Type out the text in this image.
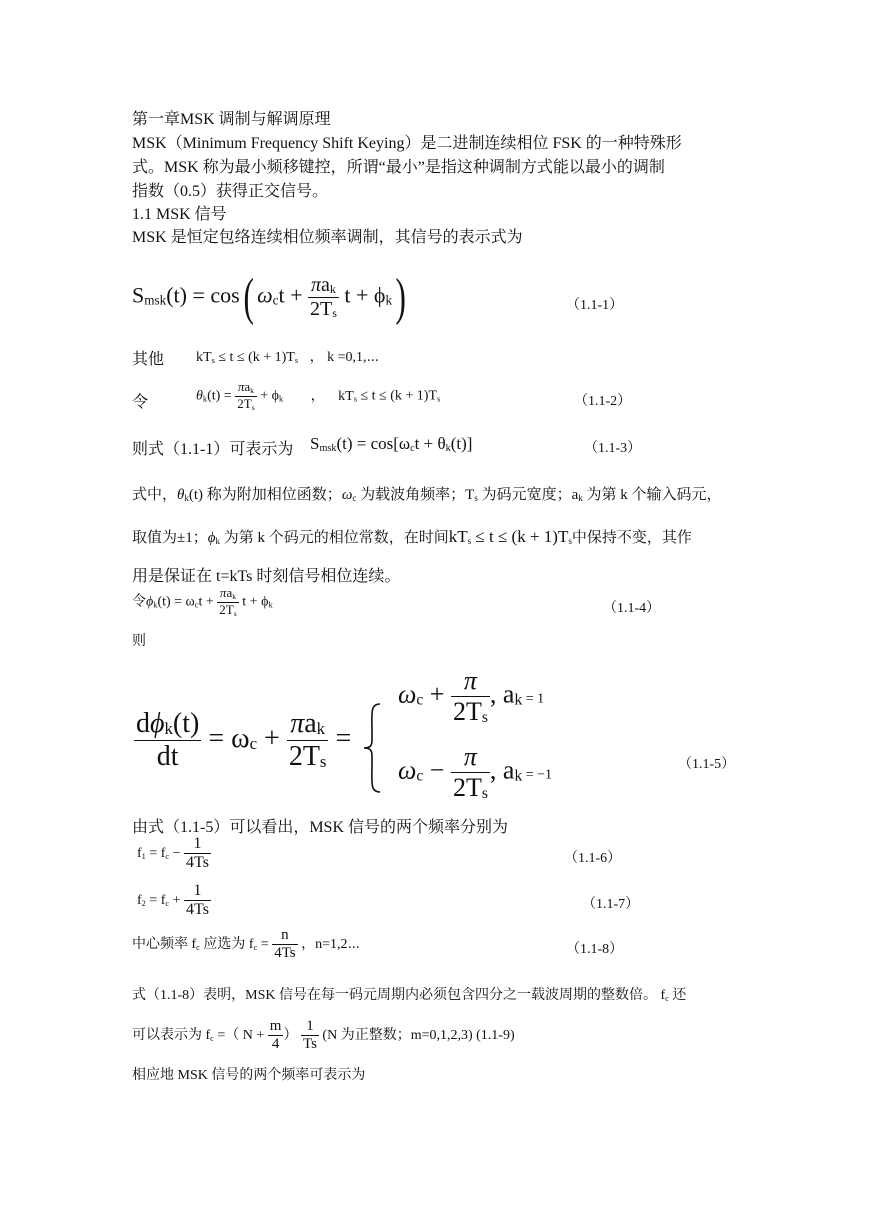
第一章MSK 调制与解调原理
MSK（Minimum Frequency Shift Keying）是二进制连续相位 FSK 的一种特殊形
式。MSK 称为最小频移键控，所谓“最小”是指这种调制方式能以最小的调制
指数（0.5）获得正交信号。
1.1 MSK 信号
MSK 是恒定包络连续相位频率调制，其信号的表示式为
$S_{msk}(t) = \cos$( $\omega_ct + \frac{\pi a_k}{2T_s}$ $t + \phi_k$)	（1.1-1）
其他 $kT_s \le t \le (k + 1)T_s$ ， k =0,1,⋯
令	$\theta_k(t) = \frac{\pi a_k}{2T_s} + \phi_k$ ， $kT_s \le t \le (k + 1)T_s$	（1.1-2）
则式（1.1-1）可表示为 $S_{msk}(t) = \cos[\omega_ct + \theta_k(t)]$	（1.1-3）
式中，$\theta_k(t)$ 称为附加相位函数；$\omega_c$ 为载波角频率；$T_s$ 为码元宽度；$a_k$ 为第 k 个输入码元，
取值为±1；$\phi_k$ 为第 k 个码元的相位常数，在时间$kT_s \le t \le (k + 1)T_s$中保持不变，其作
用是保证在 t=kTs 时刻信号相位连续。
令$\phi_k(t) = \omega_ct + \frac{\pi a_k}{2T_s}$ $t + \phi_k$	（1.1-4）
则
$\frac{d\phi_k(t)}{dt} = \omega_c + \frac{\pi a_k}{2T_s}$ =
$\omega_c + \frac{\pi}{2T_s}$ , $a_k = 1$
$\omega_c - \frac{\pi}{2T_s}$ , $a_k = -1$
（1.1-5）
由式（1.1-5）可以看出，MSK 信号的两个频率分别为
$f_1 = f_c - \frac{1}{4Ts}$	（1.1-6）
$f_2 = f_c + \frac{1}{4Ts}$	（1.1-7）
中心频率 $f_c$ 应选为 $f_c = \frac{n}{4Ts}$ ，n=1,2⋯	（1.1-8）
式（1.1-8）表明，MSK 信号在每一码元周期内必须包含四分之一载波周期的整数倍。 $f_c$ 还
可以表示为 $f_c$ =（ $N + \frac{m}{4}$ ） $\frac{1}{Ts} (N$ 为正整数；m=0,1,2,3) (1.1-9)
相应地 MSK 信号的两个频率可表示为
